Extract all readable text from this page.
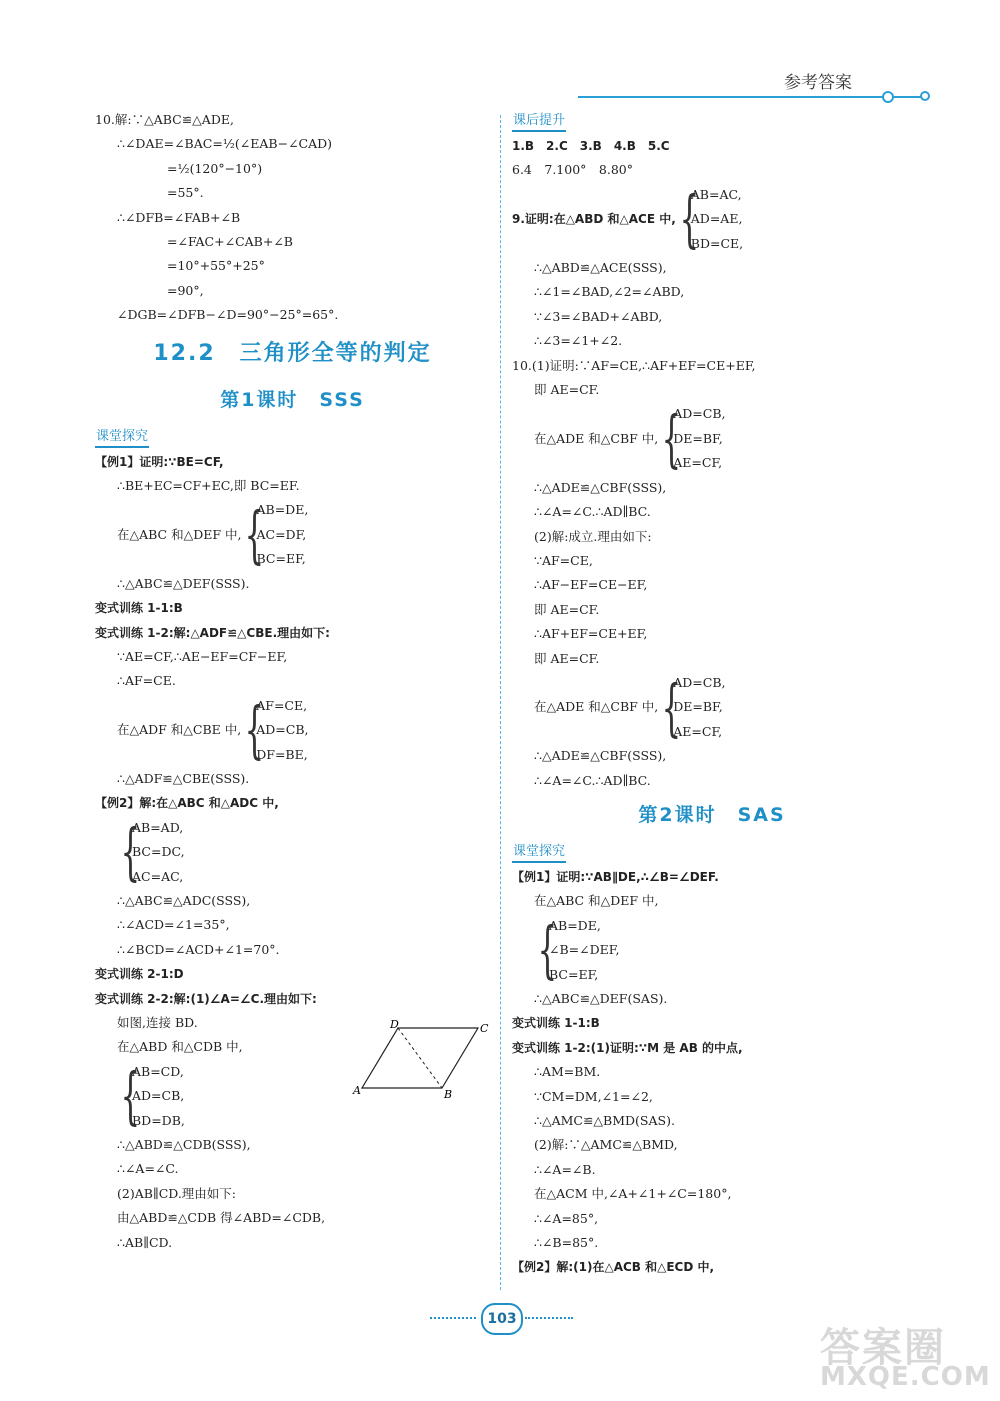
参考答案
10.解:∵△ABC≌△ADE,
∴∠DAE=∠BAC=½(∠EAB−∠CAD)
=½(120°−10°)
=55°.
∴∠DFB=∠FAB+∠B
=∠FAC+∠CAB+∠B
=10°+55°+25°
=90°,
∠DGB=∠DFB−∠D=90°−25°=65°.
12.2　三角形全等的判定
第1课时　SSS
课堂探究
【例1】证明:∵BE=CF,
∴BE+EC=CF+EC,即 BC=EF.
在△ABC 和△DEF 中, {
AB=DE,
AC=DF,
BC=EF,
∴△ABC≌△DEF(SSS).
变式训练 1-1:B
变式训练 1-2:解:△ADF≌△CBE.理由如下:
∵AE=CF,∴AE−EF=CF−EF,
∴AF=CE.
在△ADF 和△CBE 中, {
AF=CE,
AD=CB,
DF=BE,
∴△ADF≌△CBE(SSS).
【例2】解:在△ABC 和△ADC 中,
{
AB=AD,
BC=DC,
AC=AC,
∴△ABC≌△ADC(SSS),
∴∠ACD=∠1=35°,
∴∠BCD=∠ACD+∠1=70°.
变式训练 2-1:D
变式训练 2-2:解:(1)∠A=∠C.理由如下:
如图,连接 BD.
在△ABD 和△CDB 中,
{
AB=CD,
AD=CB,
BD=DB,
∴△ABD≌△CDB(SSS),
∴∠A=∠C.
(2)AB∥CD.理由如下:
由△ABD≌△CDB 得∠ABD=∠CDB,
∴AB∥CD.
D	C
A	B
课后提升
1.B　2.C　3.B　4.B　5.C
6.4　7.100°　8.80°
9.证明:在△ABD 和△ACE 中, {
AB=AC,
AD=AE,
BD=CE,
∴△ABD≌△ACE(SSS),
∴∠1=∠BAD,∠2=∠ABD,
∵∠3=∠BAD+∠ABD,
∴∠3=∠1+∠2.
10.(1)证明:∵AF=CE,∴AF+EF=CE+EF,
即 AE=CF.
在△ADE 和△CBF 中, {
AD=CB,
DE=BF,
AE=CF,
∴△ADE≌△CBF(SSS),
∴∠A=∠C.∴AD∥BC.
(2)解:成立.理由如下:
∵AF=CE,
∴AF−EF=CE−EF,
即 AE=CF.
∴AF+EF=CE+EF,
即 AE=CF.
在△ADE 和△CBF 中, {
AD=CB,
DE=BF,
AE=CF,
∴△ADE≌△CBF(SSS),
∴∠A=∠C.∴AD∥BC.
第2课时　SAS
课堂探究
【例1】证明:∵AB∥DE,∴∠B=∠DEF.
在△ABC 和△DEF 中,
{
AB=DE,
∠B=∠DEF,
BC=EF,
∴△ABC≌△DEF(SAS).
变式训练 1-1:B
变式训练 1-2:(1)证明:∵M 是 AB 的中点,
∴AM=BM.
∵CM=DM,∠1=∠2,
∴△AMC≌△BMD(SAS).
(2)解:∵△AMC≌△BMD,
∴∠A=∠B.
在△ACM 中,∠A+∠1+∠C=180°,
∴∠A=85°,
∴∠B=85°.
【例2】解:(1)在△ACB 和△ECD 中,
103
答案圈
MXQE.COM
